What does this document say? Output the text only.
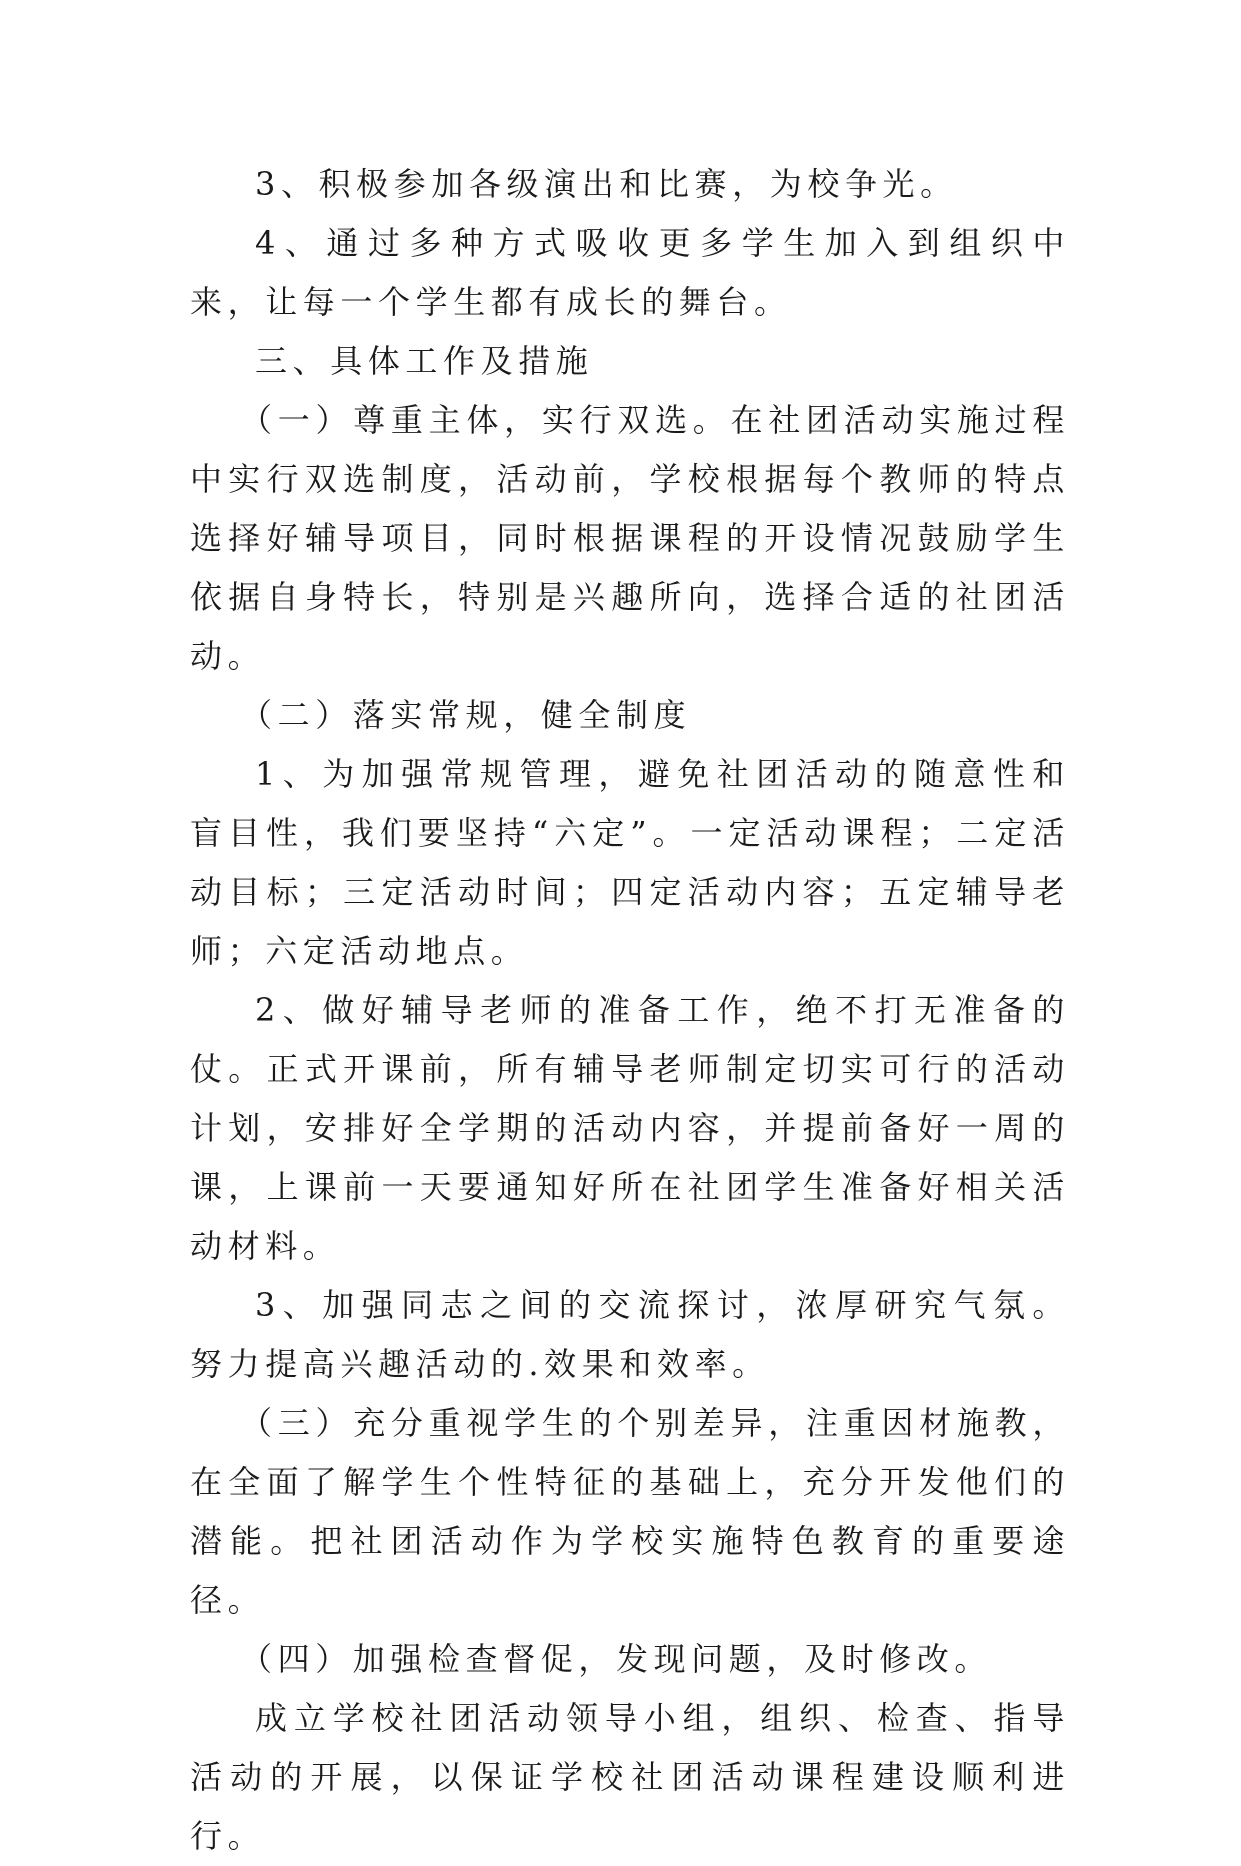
3、积极参加各级演出和比赛，为校争光。

4、通过多种方式吸收更多学生加入到组织中来，让每一个学生都有成长的舞台。

三、具体工作及措施

（一）尊重主体，实行双选。在社团活动实施过程中实行双选制度，活动前，学校根据每个教师的特点选择好辅导项目，同时根据课程的开设情况鼓励学生依据自身特长，特别是兴趣所向，选择合适的社团活动。

（二）落实常规，健全制度

1、为加强常规管理，避免社团活动的随意性和盲目性，我们要坚持“六定”。一定活动课程；二定活动目标；三定活动时间；四定活动内容；五定辅导老师；六定活动地点。

2、做好辅导老师的准备工作，绝不打无准备的仗。正式开课前，所有辅导老师制定切实可行的活动计划，安排好全学期的活动内容，并提前备好一周的课，上课前一天要通知好所在社团学生准备好相关活动材料。

3、加强同志之间的交流探讨，浓厚研究气氛。努力提高兴趣活动的.效果和效率。

（三）充分重视学生的个别差异，注重因材施教，在全面了解学生个性特征的基础上，充分开发他们的潜能。把社团活动作为学校实施特色教育的重要途径。

（四）加强检查督促，发现问题，及时修改。

成立学校社团活动领导小组，组织、检查、指导活动的开展，以保证学校社团活动课程建设顺利进行。
